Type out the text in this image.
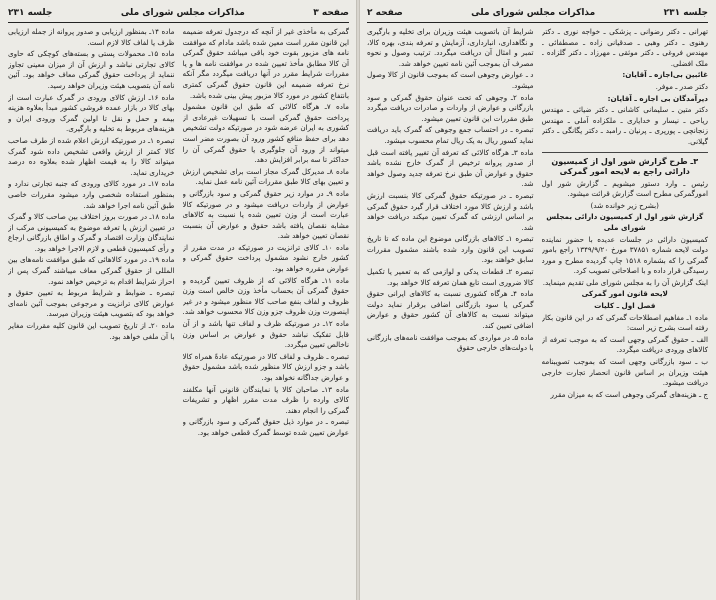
صفحه ۳
مذاکرات مجلس شورای ملی
جلسه ۲۳۱

گمرکی به مأخذی غیر از آنچه که درجدول تعرفه ضمیمه این قانون مقرر است معین شده باشد مادام که موافقت نامه های مزبور بقوت خود باقی میباشد حقوق گمرکی آن کالا مطابق مأخذ تعیین شده در موافقت نامه ها و یا مقررات شرایط مقرر در آنها دریافت میگردد مگر آنکه نرخ تعرفه ضمیمه این قانون حقوق گمرکی کمتری بانتفاع کشور در مورد کالا مزبور پیش بینی شده باشد.

ماده ۷ـ هرگاه کالائی که طبق این قانون مشمول پرداخت حقوق گمرکی است با تسهیلات غیرعادی از کشوری به ایران عرضه شود در صورتیکه دولت تشخیص دهد برای حفظ منافع کشور ورود آن بصورت مضر است میتواند از ورود آن جلوگیری یا حقوق گمرکی آن را حداکثر تا سه برابر افزایش دهد.

ماده ۸ـ مدیرکل گمرک مجاز است برای تشخیص ارزش و تعیین بهای کالا طبق مقررات آئین نامه عمل نماید.

ماده ۹ـ در موارد زیر حقوق گمرکی و سود بازرگانی و عوارض از واردات دریافت میشود و در صورتیکه کالا عبارت است از وزن تعیین شده یا نسبت به کالاهای مشابه نقصان یافته باشد حقوق و عوارض آن بنسبت نقصان تعیین خواهد شد.

ماده ۱۰ـ کالای ترانزیت در صورتیکه در مدت مقرر از کشور خارج نشود مشمول پرداخت حقوق گمرکی و عوارض مقرره خواهد بود.

ماده ۱۱ـ هرگاه کالائی که از ظروف تعیین گردیده و حقوق گمرکی آن بحساب مأخذ وزن خالص است وزن ظروف و لفاف بنفع صاحب کالا منظور میشود و در غیر اینصورت وزن ظروف جزو وزن کالا محسوب خواهد شد.

ماده ۱۲ـ در صورتیکه ظرف و لفاف تنها باشد و از آن قابل تفکیک نباشد حقوق و عوارض بر اساس وزن ناخالص تعیین میگردد.

تبصره ـ ظروف و لفاف کالا در صورتیکه عادةً همراه کالا باشد و جزو ارزش کالا منظور شده باشد مشمول حقوق و عوارض جداگانه نخواهد بود.

ماده ۱۳ـ صاحبان کالا یا نمایندگان قانونی آنها مکلفند کالای وارده را ظرف مدت مقرر اظهار و تشریفات گمرکی را انجام دهند.

تبصره ـ در موارد ذیل حقوق گمرکی و سود بازرگانی و عوارض تعیین شده توسط گمرک قطعی خواهد بود.

ماده ۱۴ـ بمنظور ارزیابی و صدور پروانه از جمله ارزیابی ظرف یا لفاف کالا لازم است.

ماده ۱۵ـ محمولات پستی و بسته‌های کوچکی که حاوی کالای تجارتی نباشد و ارزش آن از میزان معینی تجاوز ننماید از پرداخت حقوق گمرکی معاف خواهد بود. آئین نامه آن بتصویب هیئت وزیران خواهد رسید.

ماده ۱۶ـ ارزش کالای ورودی در گمرک عبارت است از بهای کالا در بازار عمده فروشی کشور مبدأ بعلاوه هزینه بیمه و حمل و نقل تا اولین گمرک ورودی ایران و هزینه‌های مربوط به تخلیه و بارگیری.

تبصره ۱ـ در صورتیکه ارزش اعلام شده از طرف صاحب کالا کمتر از ارزش واقعی تشخیص داده شود گمرک میتواند کالا را به قیمت اظهار شده بعلاوه ده درصد خریداری نماید.

ماده ۱۷ـ در مورد کالای ورودی که جنبه تجارتی ندارد و بمنظور استفاده شخصی وارد میشود مقررات خاصی طبق آئین نامه اجرا خواهد شد.

ماده ۱۸ـ در صورت بروز اختلاف بین صاحب کالا و گمرک در تعیین ارزش یا تعرفه موضوع به کمیسیونی مرکب از نمایندگان وزارت اقتصاد و گمرک و اطاق بازرگانی ارجاع و رأی کمیسیون قطعی و لازم الاجرا خواهد بود.

ماده ۱۹ـ در مورد کالاهائی که طبق موافقت نامه‌های بین المللی از حقوق گمرکی معاف میباشند گمرک پس از احراز شرایط اقدام به ترخیص خواهد نمود.

تبصره ـ ضوابط و شرایط مربوط به تعیین حقوق و عوارض کالای ترانزیت و مرجوعی بموجب آئین نامه‌ای خواهد بود که بتصویب هیئت وزیران میرسد.

ماده ۲۰ـ از تاریخ تصویب این قانون کلیه مقررات مغایر با آن ملغی خواهد بود.

جلسه ۲۳۱
مذاکرات مجلس شورای ملی
صفحه ۲

تهرانی ـ دکتر رضوانی ـ پزشکی ـ خواجه نوری ـ دکتر رهنوی ـ دکتر وهبی ـ صدقیانی زاده ـ مصطفائی ـ مهندس فروغی ـ دکتر موثقی ـ مهرزاد ـ دکتر گلزاده ـ ملک افضلی.

غائبین بی‌اجازه ـ آقایان:

دکتر صدر ـ موفر.

دیرآمدگان بی اجازه ـ آقایان:

دکتر متین ـ سلیمانی کاشانی ـ دکتر ضیائی ـ مهندس ریاحی ـ نیسار و خدایاری ـ ملکزاده آملی ـ مهندس زنجانچی ـ پورپری ـ پرنیان ـ رامبد ـ دکتر یگانگی ـ دکتر گیلانی.

۳ـ طرح گزارش شور اول از کمیسیون دارائی راجع به لایحه امور گمرکی

رئیس ـ وارد دستور میشویم ـ گزارش شور اول امورگمرکی مطرح است گزارش قرائت میشود.

(بشرح زیر خوانده شد)

گزارش شور اول از کمیسیون دارائی بمجلس شورای ملی

کمیسیون دارائی در جلسات عدیده با حضور نماینده دولت لایحه شماره ۳۷۸۵۱ مورخ ۱۳۴۹/۹/۲۰ راجع بامور گمرکی را که بشماره ۱۵۱۸ چاپ گردیده مطرح و مورد رسیدگی قرار داده و با اصلاحاتی تصویب کرد.

اینک گزارش آن را به مجلس شورای ملی تقدیم مینماید.

لایحه قانون امور گمرکی

فصل اول ـ کلیات

ماده ۱ـ مفاهیم اصطلاحات گمرکی که در این قانون بکار رفته است بشرح زیر است:

الف ـ حقوق گمرکی وجهی است که به موجب تعرفه از کالاهای ورودی دریافت میگردد.

ب ـ سود بازرگانی وجهی است که بموجب تصویبنامه هیئت وزیران بر اساس قانون انحصار تجارت خارجی دریافت میشود.

ج ـ هزینه‌های گمرکی وجوهی است که به میزان مقرر

شرایط آن باتصویب هیئت وزیران برای تخلیه و بارگیری و نگاهداری، انبارداری، آزمایش و تعرفه بندی، بهره کالا، تمبر و امثال آن دریافت میگردد. ترتیب وصول و نحوه مصرف آن بموجب آئین نامه تعیین خواهد شد.

د ـ عوارض وجوهی است که بموجب قانون از کالا وصول میشود.

ماده ۲ـ وجوهی که تحت عنوان حقوق گمرکی و سود بازرگانی و عوارض از واردات و صادرات دریافت میگردد طبق مقررات این قانون تعیین میشود.

تبصره ـ در احتساب جمع وجوهی که گمرک باید دریافت نماید کسور ریال به یک ریال تمام محسوب میشود.

ماده ۳ـ هرگاه کالائی که تعرفه آن تغییر یافته است قبل از صدور پروانه ترخیص از گمرک خارج نشده باشد حقوق و عوارض آن طبق نرخ تعرفه جدید وصول خواهد شد.

تبصره ـ در صورتیکه حقوق گمرکی کالا بنسبت ارزش باشد و ارزش کالا مورد اختلاف قرار گیرد حقوق گمرکی بر اساس ارزشی که گمرک تعیین میکند دریافت خواهد شد.

تبصره ۱ـ کالاهای بازرگانی موضوع این ماده که تا تاریخ تصویب این قانون وارد شده باشند مشمول مقررات سابق خواهند بود.

تبصره ۲ـ قطعات یدکی و لوازمی که به تعمیر یا تکمیل کالا ضروری است تابع همان تعرفه کالا خواهد بود.

ماده ۴ـ هرگاه کشوری نسبت به کالاهای ایرانی حقوق گمرکی یا سود بازرگانی اضافی برقرار نماید دولت میتواند نسبت به کالاهای آن کشور حقوق و عوارض اضافی تعیین کند.

ماده ۵ـ در مواردی که بموجب موافقت نامه‌های بازرگانی با دولت‌های خارجی حقوق
